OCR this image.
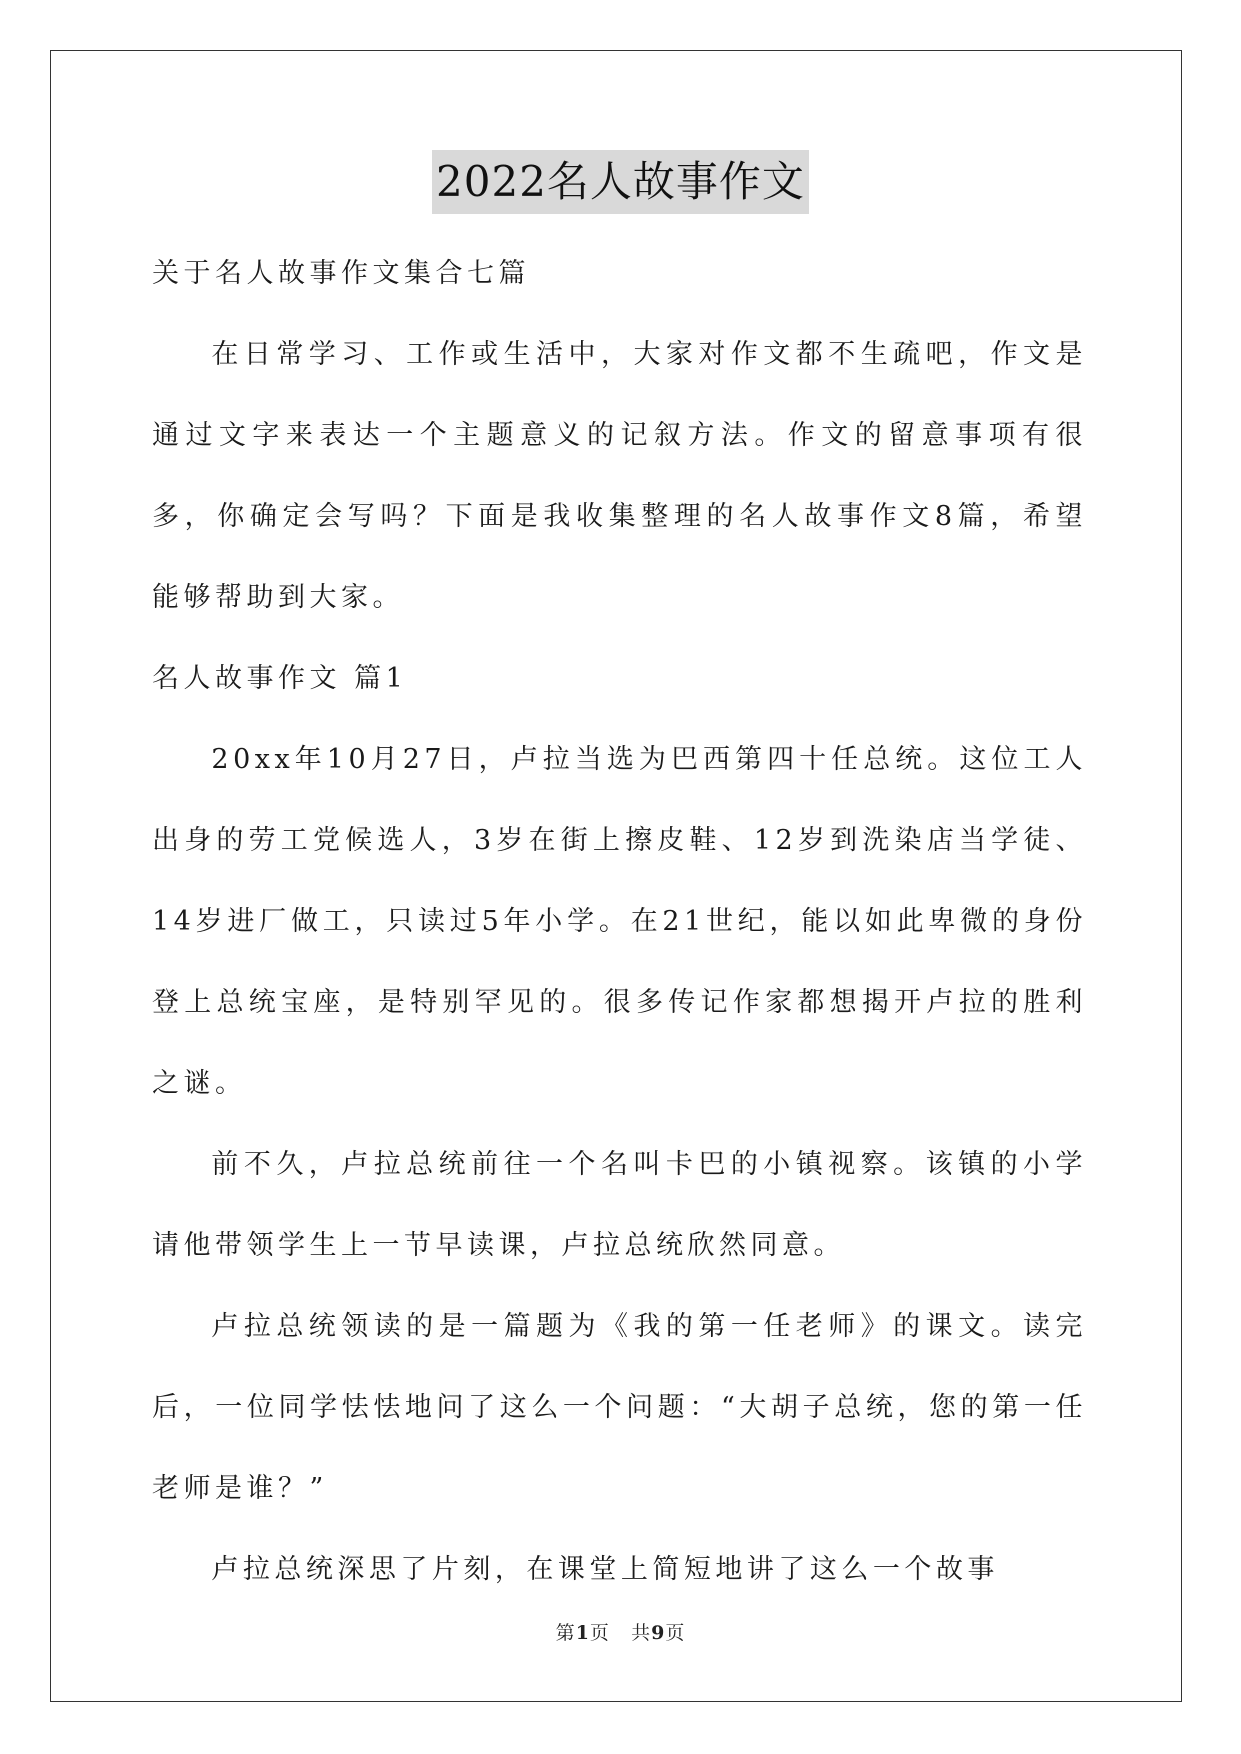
2022名人故事作文

关于名人故事作文集合七篇

在日常学习、工作或生活中，大家对作文都不生疏吧，作文是通过文字来表达一个主题意义的记叙方法。作文的留意事项有很多，你确定会写吗？下面是我收集整理的名人故事作文8篇，希望能够帮助到大家。

名人故事作文 篇1

20xx年10月27日，卢拉当选为巴西第四十任总统。这位工人出身的劳工党候选人，3岁在街上擦皮鞋、12岁到洗染店当学徒、14岁进厂做工，只读过5年小学。在21世纪，能以如此卑微的身份登上总统宝座，是特别罕见的。很多传记作家都想揭开卢拉的胜利之谜。

前不久，卢拉总统前往一个名叫卡巴的小镇视察。该镇的小学请他带领学生上一节早读课，卢拉总统欣然同意。

卢拉总统领读的是一篇题为《我的第一任老师》的课文。读完后，一位同学怯怯地问了这么一个问题：“大胡子总统，您的第一任老师是谁？”

卢拉总统深思了片刻，在课堂上简短地讲了这么一个故事

第1页 共9页
